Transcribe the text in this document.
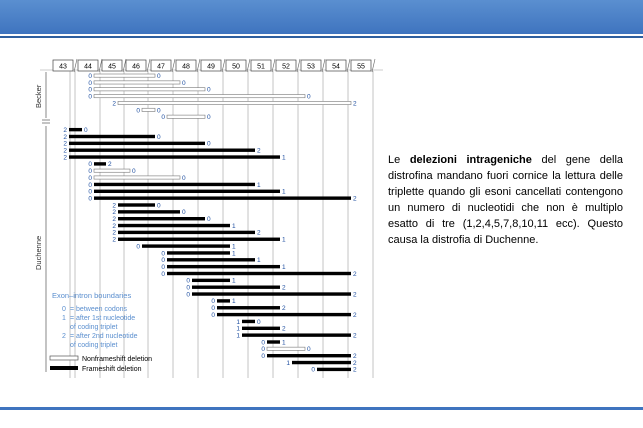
43 44 45 46 47 48 49 50 51 52 53 54 55
Becker
Duchenne
0	0
0	0
0	0
0	0
2	2
0	0
0	0
2	0
2	0
2	0
2	2
2	1
0 2
0	0
0	0
0	1
0	1
0	2
2	0
2	0
2	0
2	1
2	2
2	1
0	1
0	1
0	1
0	1
0	2
0	1
0	2
0	2
0	1
0	2
0	2
1	0
1	2
1	2
0	1
0	0
0	2
1	2
0	2
Exon–intron boundaries
0 = between codons
1 = after 1st nucleotide
of coding triplet
2 = after 2nd nucleotide
of coding triplet
Nonframeshift deletion
Frameshift deletion
Le delezioni intrageniche del gene della distrofina mandano fuori cornice la lettura delle triplette quando gli esoni cancellati contengono un numero di nucleotidi che non è multiplo esatto di tre (1,2,4,5,7,8,10,11 ecc). Questo causa la distrofia di Duchenne.
